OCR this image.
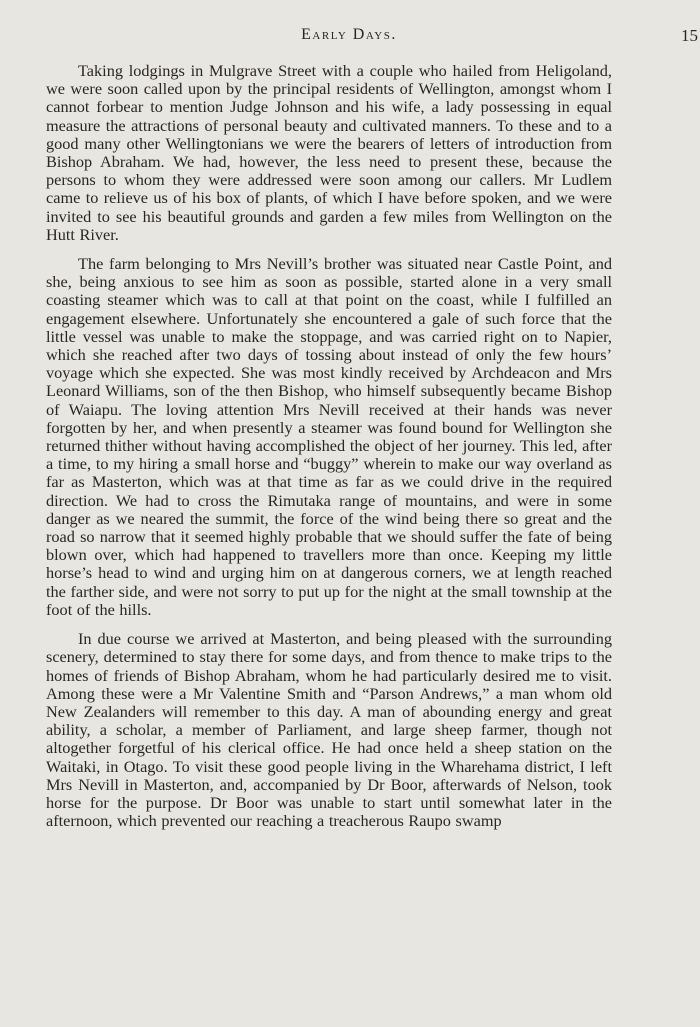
Early Days.	15

Taking lodgings in Mulgrave Street with a couple who hailed from Heligoland, we were soon called upon by the principal residents of Wellington, amongst whom I cannot forbear to mention Judge Johnson and his wife, a lady possessing in equal measure the attractions of personal beauty and cultivated manners. To these and to a good many other Wellingtonians we were the bearers of letters of introduction from Bishop Abraham. We had, however, the less need to present these, because the persons to whom they were addressed were soon among our callers. Mr Ludlem came to relieve us of his box of plants, of which I have before spoken, and we were invited to see his beautiful grounds and garden a few miles from Wellington on the Hutt River.

The farm belonging to Mrs Nevill’s brother was situated near Castle Point, and she, being anxious to see him as soon as possible, started alone in a very small coasting steamer which was to call at that point on the coast, while I fulfilled an engagement elsewhere. Unfortunately she encountered a gale of such force that the little vessel was unable to make the stoppage, and was carried right on to Napier, which she reached after two days of tossing about instead of only the few hours’ voyage which she expected. She was most kindly received by Archdeacon and Mrs Leonard Williams, son of the then Bishop, who himself subsequently became Bishop of Waiapu. The loving attention Mrs Nevill received at their hands was never forgotten by her, and when presently a steamer was found bound for Wellington she returned thither without having accomplished the object of her journey. This led, after a time, to my hiring a small horse and “buggy” wherein to make our way overland as far as Masterton, which was at that time as far as we could drive in the required direction. We had to cross the Rimutaka range of mountains, and were in some danger as we neared the summit, the force of the wind being there so great and the road so narrow that it seemed highly probable that we should suffer the fate of being blown over, which had happened to travellers more than once. Keeping my little horse’s head to wind and urging him on at dangerous corners, we at length reached the farther side, and were not sorry to put up for the night at the small township at the foot of the hills.

In due course we arrived at Masterton, and being pleased with the surrounding scenery, determined to stay there for some days, and from thence to make trips to the homes of friends of Bishop Abraham, whom he had particularly desired me to visit. Among these were a Mr Valentine Smith and “Parson Andrews,” a man whom old New Zealanders will remember to this day. A man of abounding energy and great ability, a scholar, a member of Parliament, and large sheep farmer, though not altogether forgetful of his clerical office. He had once held a sheep station on the Waitaki, in Otago. To visit these good people living in the Wharehama district, I left Mrs Nevill in Masterton, and, accompanied by Dr Boor, afterwards of Nelson, took horse for the purpose. Dr Boor was unable to start until somewhat later in the afternoon, which prevented our reaching a treacherous Raupo swamp
